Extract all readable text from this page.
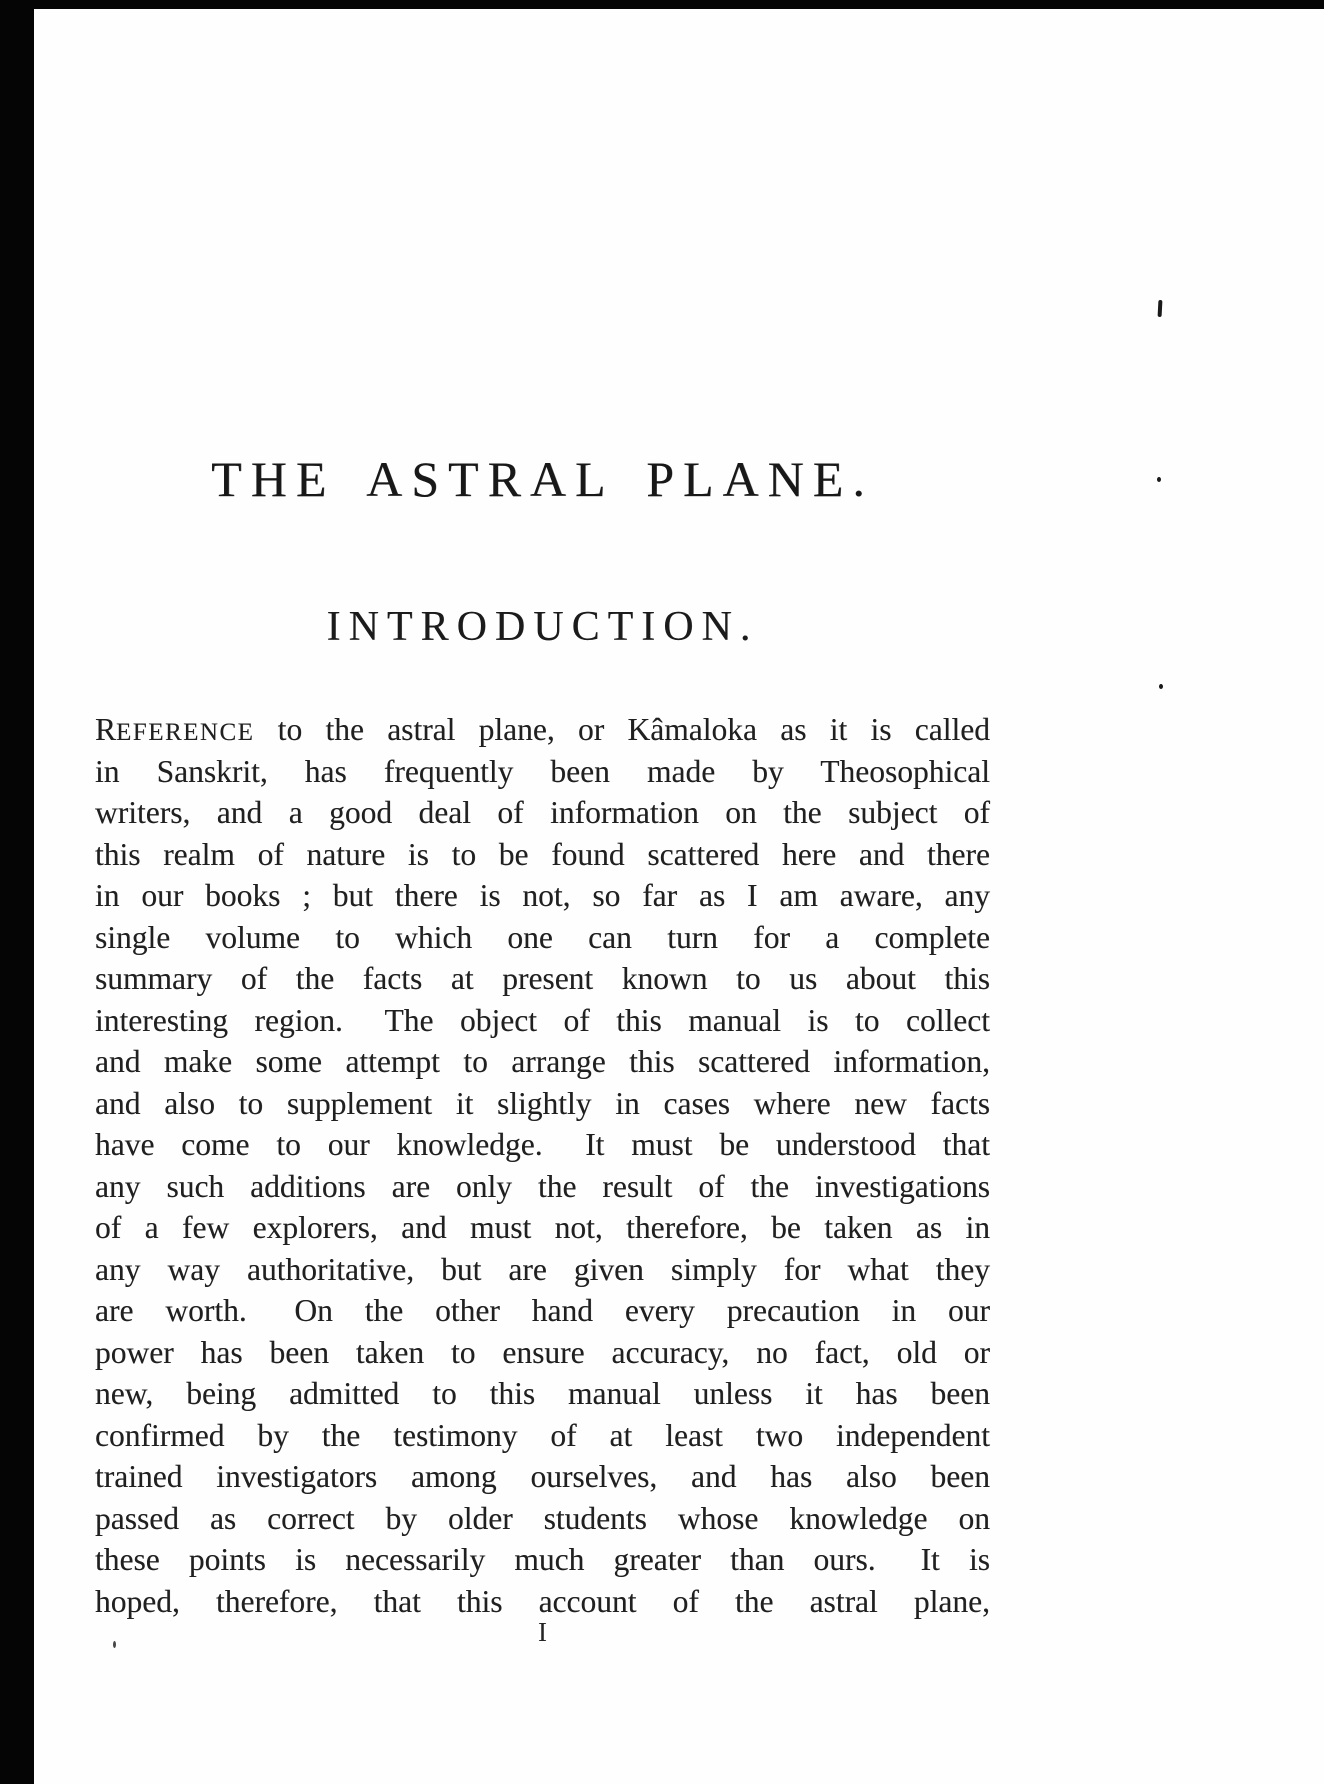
THE ASTRAL PLANE.
INTRODUCTION.
REFERENCE to the astral plane, or Kâmaloka as it is called
in Sanskrit, has frequently been made by Theosophical
writers, and a good deal of information on the subject of
this realm of nature is to be found scattered here and there
in our books ; but there is not, so far as I am aware, any
single volume to which one can turn for a complete
summary of the facts at present known to us about this
interesting region.  The object of this manual is to collect
and make some attempt to arrange this scattered information,
and also to supplement it slightly in cases where new facts
have come to our knowledge.  It must be understood that
any such additions are only the result of the investigations
of a few explorers, and must not, therefore, be taken as in
any way authoritative, but are given simply for what they
are worth.  On the other hand every precaution in our
power has been taken to ensure accuracy, no fact, old or
new, being admitted to this manual unless it has been
confirmed by the testimony of at least two independent
trained investigators among ourselves, and has also been
passed as correct by older students whose knowledge on
these points is necessarily much greater than ours.  It is
hoped, therefore, that this account of the astral plane,
I
